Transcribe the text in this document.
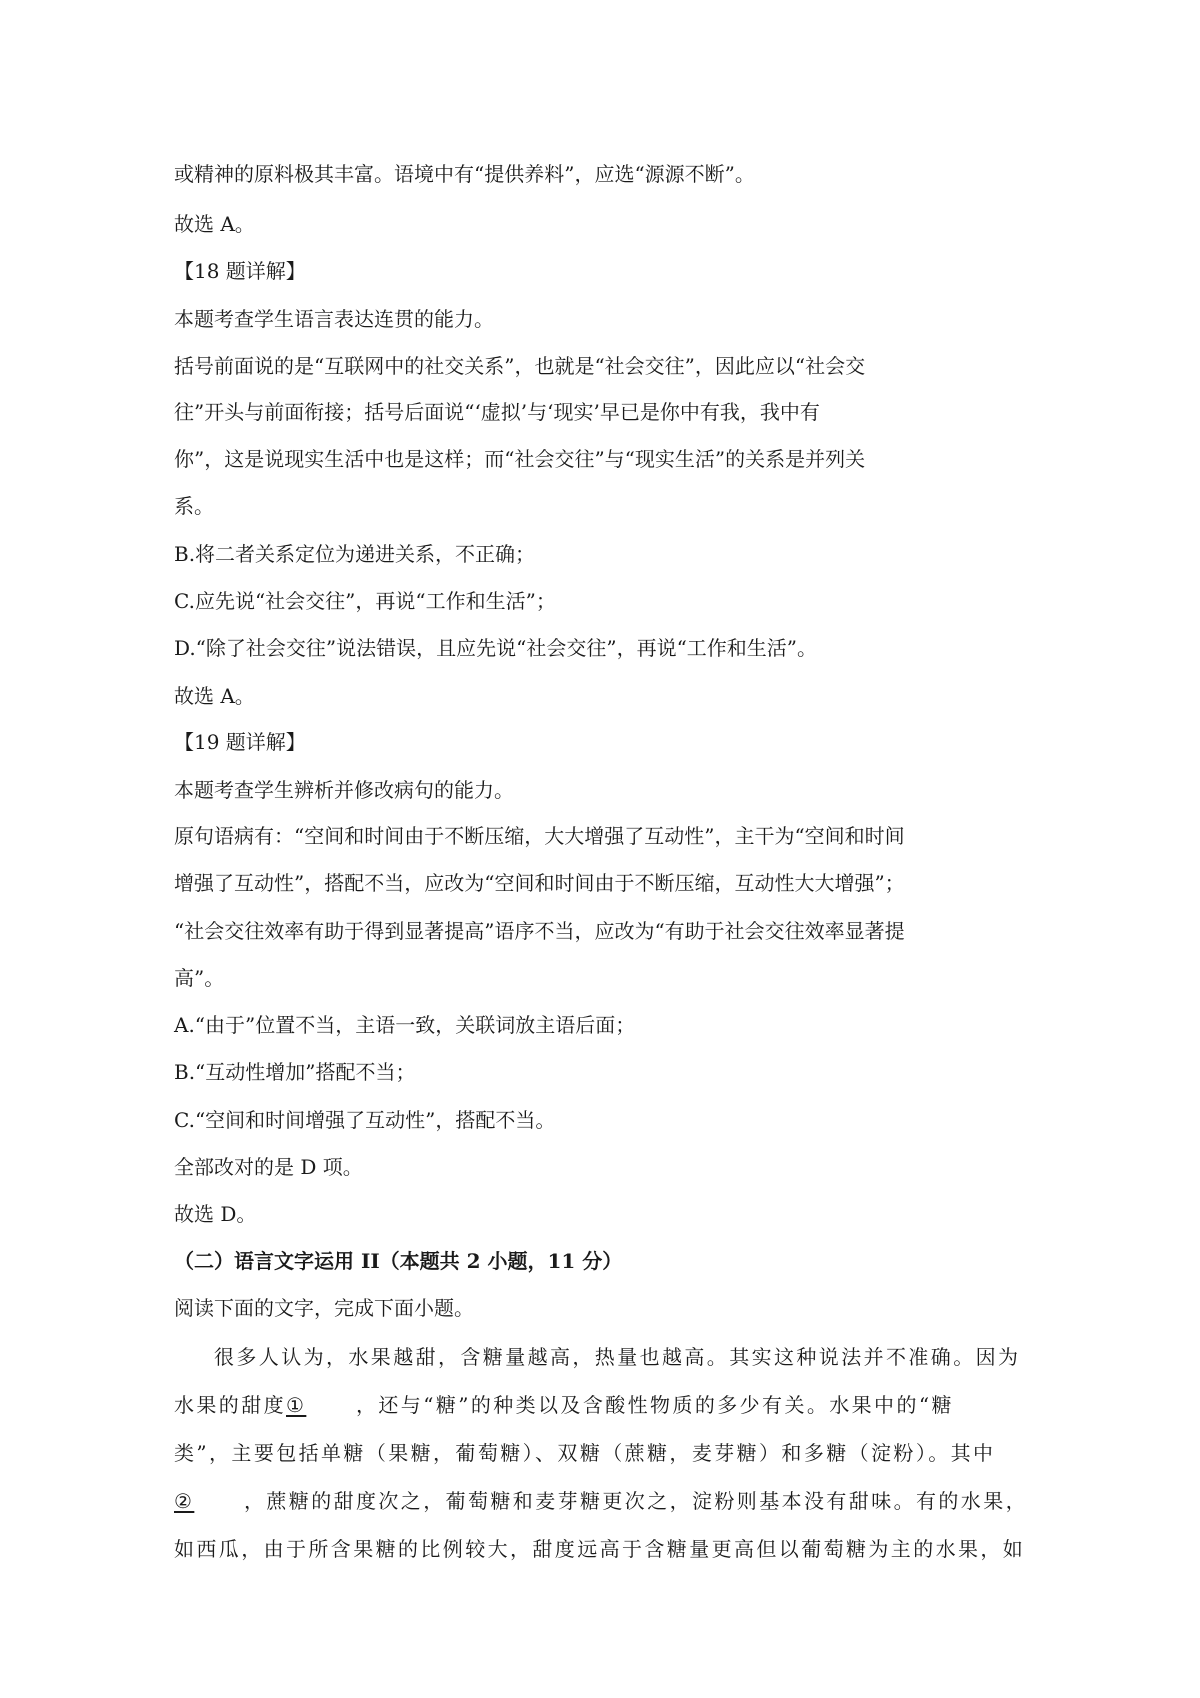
或精神的原料极其丰富。语境中有“提供养料”，应选“源源不断”。

故选 A。

【18 题详解】

本题考查学生语言表达连贯的能力。

括号前面说的是“互联网中的社交关系”，也就是“社会交往”，因此应以“社会交

往”开头与前面衔接；括号后面说“‘虚拟’与‘现实’早已是你中有我，我中有

你”，这是说现实生活中也是这样；而“社会交往”与“现实生活”的关系是并列关

系。

B.将二者关系定位为递进关系，不正确；

C.应先说“社会交往”，再说“工作和生活”；

D.“除了社会交往”说法错误，且应先说“社会交往”，再说“工作和生活”。

故选 A。

【19 题详解】

本题考查学生辨析并修改病句的能力。

原句语病有：“空间和时间由于不断压缩，大大增强了互动性”，主干为“空间和时间

增强了互动性”，搭配不当，应改为“空间和时间由于不断压缩，互动性大大增强”；

“社会交往效率有助于得到显著提高”语序不当，应改为“有助于社会交往效率显著提

高”。

A.“由于”位置不当，主语一致，关联词放主语后面；

B.“互动性增加”搭配不当；

C.“空间和时间增强了互动性”，搭配不当。

全部改对的是 D 项。

故选 D。

（二）语言文字运用 II（本题共 2 小题，11 分）

阅读下面的文字，完成下面小题。

很多人认为，水果越甜，含糖量越高，热量也越高。其实这种说法并不准确。因为

水果的甜度① ，还与“糖”的种类以及含酸性物质的多少有关。水果中的“糖

类”，主要包括单糖（果糖，葡萄糖）、双糖（蔗糖，麦芽糖）和多糖（淀粉）。其中

② ，蔗糖的甜度次之，葡萄糖和麦芽糖更次之，淀粉则基本没有甜味。有的水果，

如西瓜，由于所含果糖的比例较大，甜度远高于含糖量更高但以葡萄糖为主的水果，如
